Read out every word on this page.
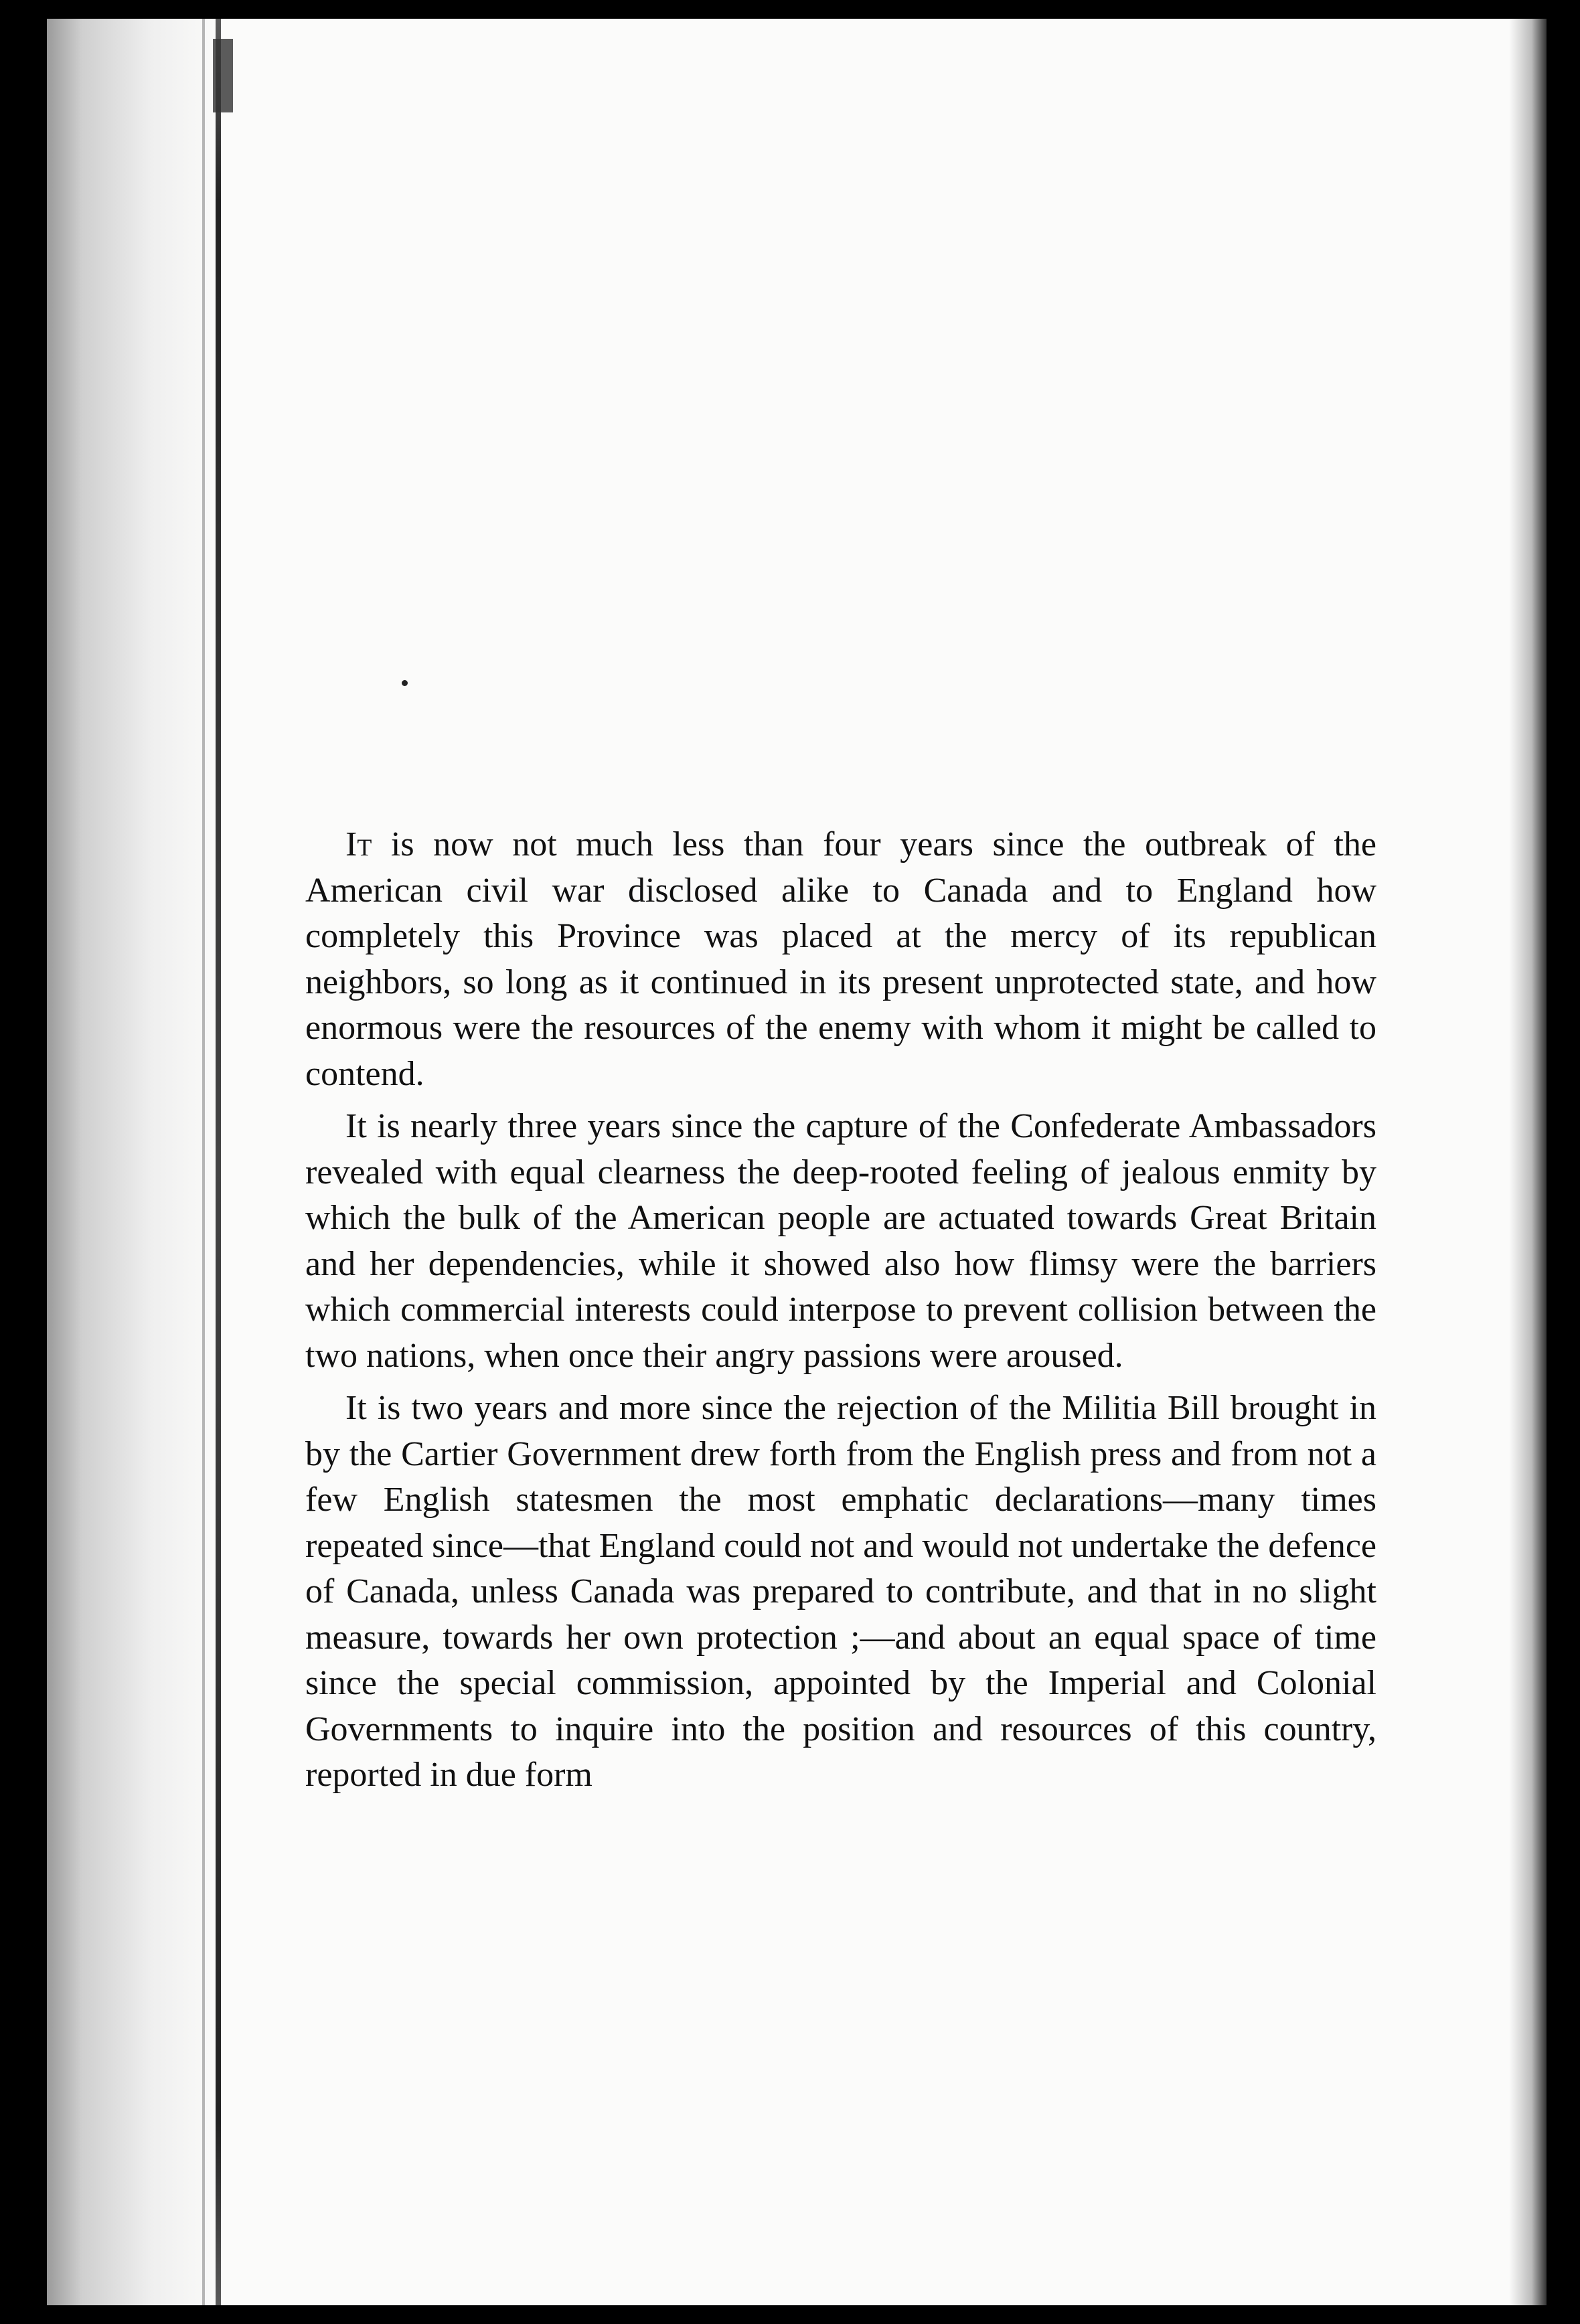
It is now not much less than four years since the outbreak of the American civil war disclosed alike to Canada and to England how completely this Province was placed at the mercy of its republican neighbors, so long as it continued in its present unprotected state, and how enormous were the resources of the enemy with whom it might be called to contend.

It is nearly three years since the capture of the Confederate Ambassadors revealed with equal clearness the deep-rooted feeling of jealous enmity by which the bulk of the American people are actuated towards Great Britain and her dependencies, while it showed also how flimsy were the barriers which commercial interests could interpose to prevent collision between the two nations, when once their angry passions were aroused.

It is two years and more since the rejection of the Militia Bill brought in by the Cartier Government drew forth from the English press and from not a few English statesmen the most emphatic declarations—many times repeated since—that England could not and would not undertake the defence of Canada, unless Canada was prepared to contribute, and that in no slight measure, towards her own protection ;—and about an equal space of time since the special commission, appointed by the Imperial and Colonial Governments to inquire into the position and resources of this country, reported in due form
